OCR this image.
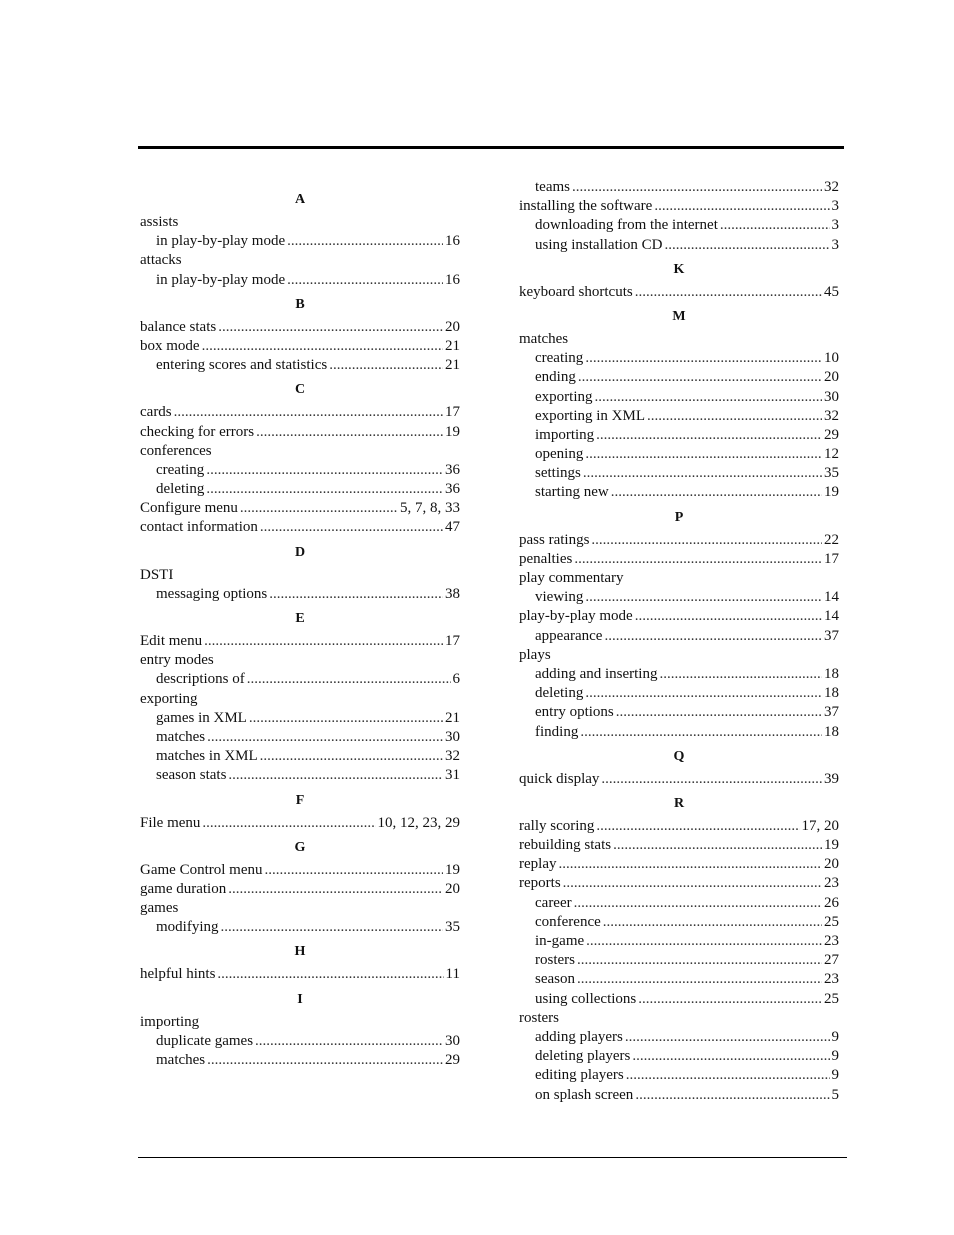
A
assists
in play-by-play mode .....	16
attacks
in play-by-play mode .....	16
B
balance stats .....	20
box mode .....	21
entering scores and statistics .....	21
C
cards .....	17
checking for errors .....	19
conferences
creating .....	36
deleting .....	36
Configure menu .....	5, 7, 8, 33
contact information .....	47
D
DSTI
messaging options .....	38
E
Edit menu .....	17
entry modes
descriptions of .....	6
exporting
games in XML .....	21
matches .....	30
matches in XML .....	32
season stats .....	31
F
File menu .....	10, 12, 23, 29
G
Game Control menu .....	19
game duration .....	20
games
modifying .....	35
H
helpful hints .....	11
I
importing
duplicate games .....	30
matches .....	29
teams .....	32
installing the software .....	3
downloading from the internet .....	3
using installation CD .....	3
K
keyboard shortcuts .....	45
M
matches
creating .....	10
ending .....	20
exporting .....	30
exporting in XML .....	32
importing .....	29
opening .....	12
settings .....	35
starting new .....	19
P
pass ratings .....	22
penalties .....	17
play commentary
viewing .....	14
play-by-play mode .....	14
appearance .....	37
plays
adding and inserting .....	18
deleting .....	18
entry options .....	37
finding .....	18
Q
quick display .....	39
R
rally scoring .....	17, 20
rebuilding stats .....	19
replay .....	20
reports .....	23
career .....	26
conference .....	25
in-game .....	23
rosters .....	27
season .....	23
using collections .....	25
rosters
adding players .....	9
deleting players .....	9
editing players .....	9
on splash screen .....	5
